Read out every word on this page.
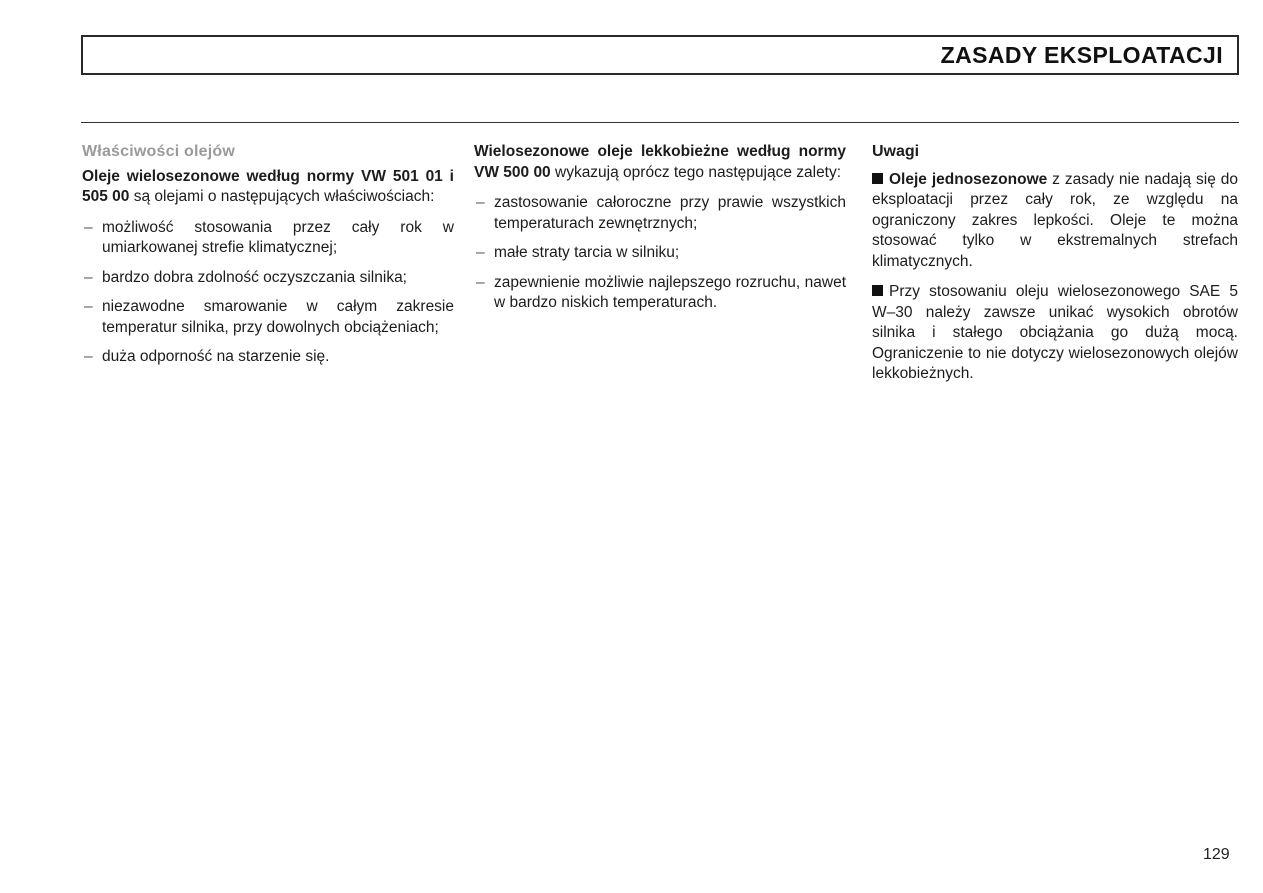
ZASADY EKSPLOATACJI
Właściwości olejów

Oleje wielosezonowe według normy VW 501 01 i 505 00 są olejami o następujących właściwościach:

– możliwość stosowania przez cały rok w umiarkowanej strefie klimatycznej;
– bardzo dobra zdolność oczyszczania silnika;
– niezawodne smarowanie w całym zakresie temperatur silnika, przy dowolnych obciążeniach;
– duża odporność na starzenie się.

Wielosezonowe oleje lekkobieżne według normy VW 500 00 wykazują oprócz tego następujące zalety:

– zastosowanie całoroczne przy prawie wszystkich temperaturach zewnętrznych;
– małe straty tarcia w silniku;
– zapewnienie możliwie najlepszego rozruchu, nawet w bardzo niskich temperaturach.
Uwagi

Oleje jednosezonowe z zasady nie nadają się do eksploatacji przez cały rok, ze względu na ograniczony zakres lepkości. Oleje te można stosować tylko w ekstremalnych strefach klimatycznych.

Przy stosowaniu oleju wielosezonowego SAE 5 W–30 należy zawsze unikać wysokich obrotów silnika i stałego obciążania go dużą mocą. Ograniczenie to nie dotyczy wielosezonowych olejów lekkobieżnych.

129
